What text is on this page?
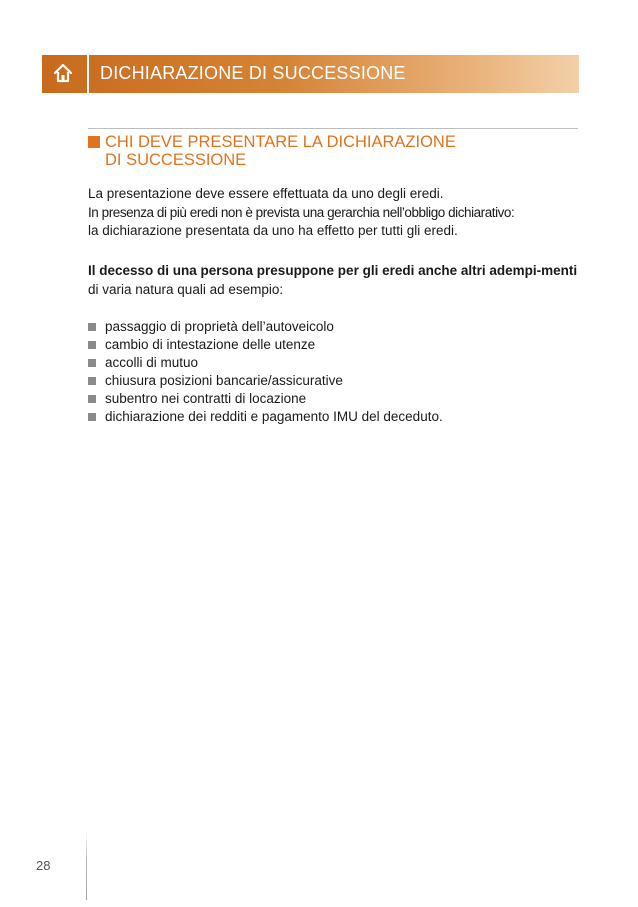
DICHIARAZIONE DI SUCCESSIONE
CHI DEVE PRESENTARE LA DICHIARAZIONE
DI SUCCESSIONE
La presentazione deve essere effettuata da uno degli eredi.
In presenza di più eredi non è prevista una gerarchia nell’obbligo dichiarativo:
la dichiarazione presentata da uno ha effetto per tutti gli eredi.
Il decesso di una persona presuppone per gli eredi anche altri adempi-menti di varia natura quali ad esempio:
passaggio di proprietà dell’autoveicolo
cambio di intestazione delle utenze
accolli di mutuo
chiusura posizioni bancarie/assicurative
subentro nei contratti di locazione
dichiarazione dei redditi e pagamento IMU del deceduto.
28
